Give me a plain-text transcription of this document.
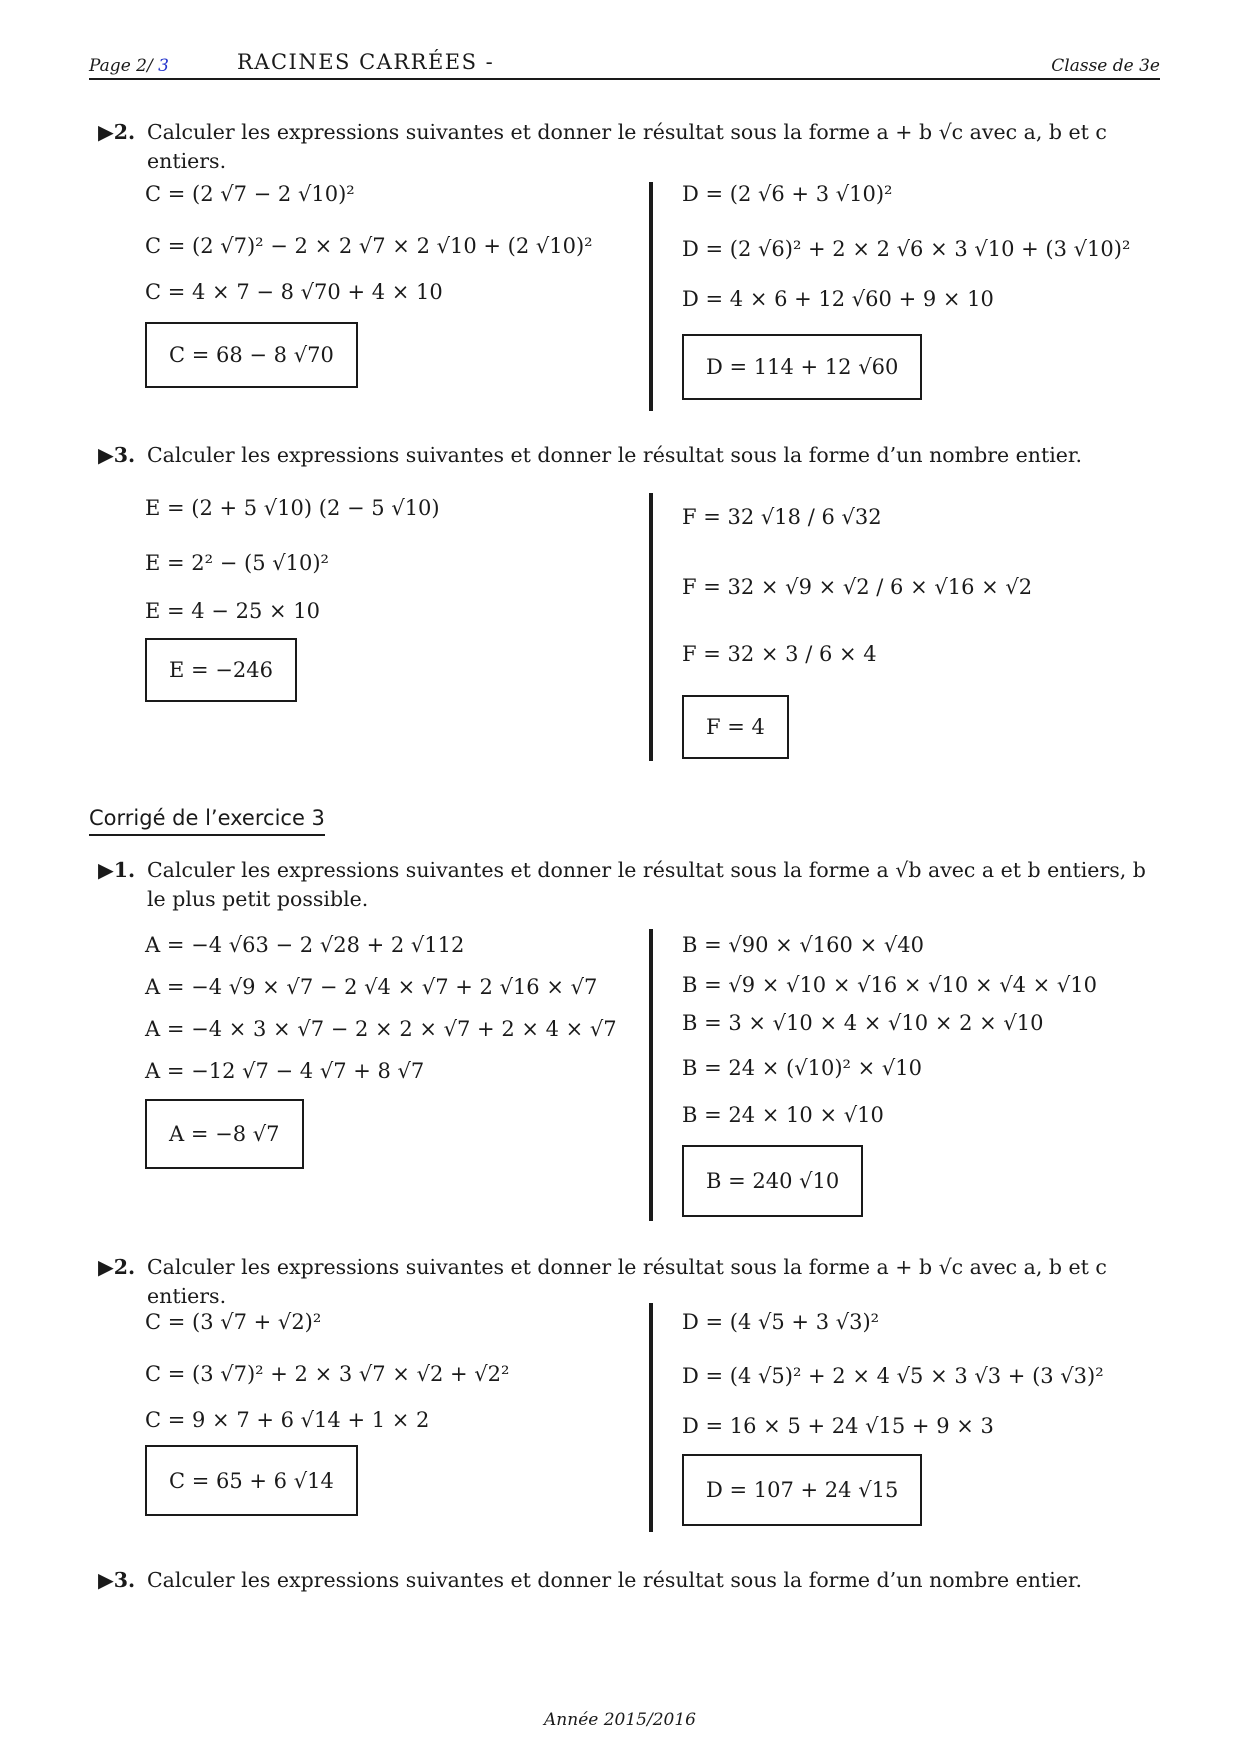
Page 2/ 3	RACINES CARRÉES -	Classe de 3e
▶2. Calculer les expressions suivantes et donner le résultat sous la forme a + b √c avec a, b et c entiers.
C = (2 √7 − 2 √10)²
C = (2 √7)² − 2 × 2 √7 × 2 √10 + (2 √10)²
C = 4 × 7 − 8 √70 + 4 × 10
C = 68 − 8 √70
D = (2 √6 + 3 √10)²
D = (2 √6)² + 2 × 2 √6 × 3 √10 + (3 √10)²
D = 4 × 6 + 12 √60 + 9 × 10
D = 114 + 12 √60
▶3. Calculer les expressions suivantes et donner le résultat sous la forme d’un nombre entier.
E = (2 + 5 √10) (2 − 5 √10)
E = 2² − (5 √10)²
E = 4 − 25 × 10
E = −246
F = 32 √18 / 6 √32
F = 32 × √9 × √2 / 6 × √16 × √2
F = 32 × 3 / 6 × 4
F = 4
Corrigé de l’exercice 3
▶1. Calculer les expressions suivantes et donner le résultat sous la forme a √b avec a et b entiers, b le plus petit possible.
A = −4 √63 − 2 √28 + 2 √112
A = −4 √9 × √7 − 2 √4 × √7 + 2 √16 × √7
A = −4 × 3 × √7 − 2 × 2 × √7 + 2 × 4 × √7
A = −12 √7 − 4 √7 + 8 √7
A = −8 √7
B = √90 × √160 × √40
B = √9 × √10 × √16 × √10 × √4 × √10
B = 3 × √10 × 4 × √10 × 2 × √10
B = 24 × (√10)² × √10
B = 24 × 10 × √10
B = 240 √10
▶2. Calculer les expressions suivantes et donner le résultat sous la forme a + b √c avec a, b et c entiers.
C = (3 √7 + √2)²
C = (3 √7)² + 2 × 3 √7 × √2 + √2²
C = 9 × 7 + 6 √14 + 1 × 2
C = 65 + 6 √14
D = (4 √5 + 3 √3)²
D = (4 √5)² + 2 × 4 √5 × 3 √3 + (3 √3)²
D = 16 × 5 + 24 √15 + 9 × 3
D = 107 + 24 √15
▶3. Calculer les expressions suivantes et donner le résultat sous la forme d’un nombre entier.
Année 2015/2016
